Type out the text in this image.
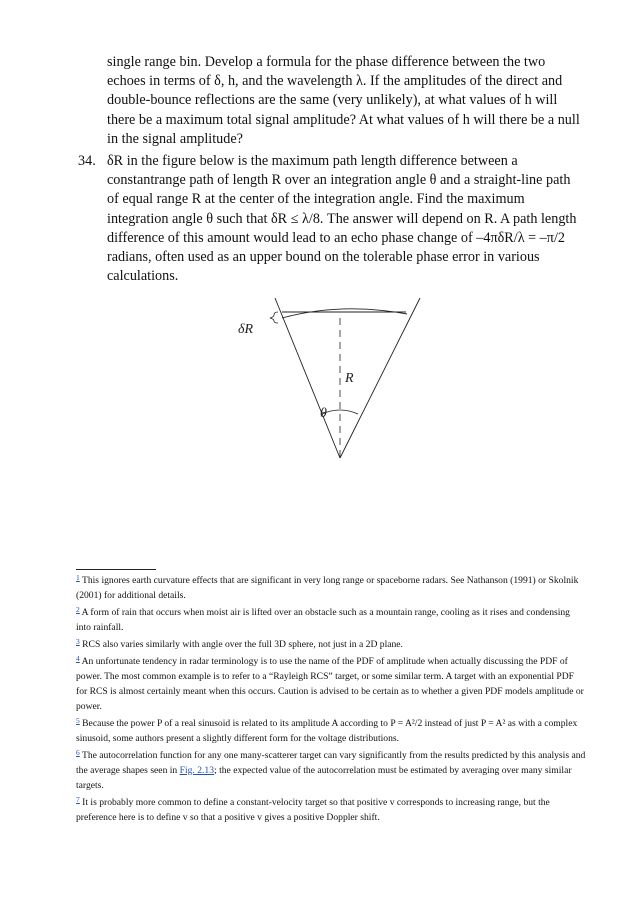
single range bin. Develop a formula for the phase difference between the two echoes in terms of δ, h, and the wavelength λ. If the amplitudes of the direct and double-bounce reflections are the same (very unlikely), at what values of h will there be a maximum total signal amplitude? At what values of h will there be a null in the signal amplitude?
34. δR in the figure below is the maximum path length difference between a constantrange path of length R over an integration angle θ and a straight-line path of equal range R at the center of the integration angle. Find the maximum integration angle θ such that δR ≤ λ/8. The answer will depend on R. A path length difference of this amount would lead to an echo phase change of –4πδR/λ = –π/2 radians, often used as an upper bound on the tolerable phase error in various calculations.
δR
R
θ
$^1$ This ignores earth curvature effects that are significant in very long range or spaceborne radars. See Nathanson (1991) or Skolnik (2001) for additional details.
$^2$ A form of rain that occurs when moist air is lifted over an obstacle such as a mountain range, cooling as it rises and condensing into rainfall.
$^3$ RCS also varies similarly with angle over the full 3D sphere, not just in a 2D plane.
$^4$ An unfortunate tendency in radar terminology is to use the name of the PDF of amplitude when actually discussing the PDF of power. The most common example is to refer to a “Rayleigh RCS” target, or some similar term. A target with an exponential PDF for RCS is almost certainly meant when this occurs. Caution is advised to be certain as to whether a given PDF models amplitude or power.
$^5$ Because the power P of a real sinusoid is related to its amplitude A according to P = A²/2 instead of just P = A² as with a complex sinusoid, some authors present a slightly different form for the voltage distributions.
$^6$ The autocorrelation function for any one many-scatterer target can vary significantly from the results predicted by this analysis and the average shapes seen in Fig. 2.13; the expected value of the autocorrelation must be estimated by averaging over many similar targets.
$^7$ It is probably more common to define a constant-velocity target so that positive v corresponds to increasing range, but the preference here is to define v so that a positive v gives a positive Doppler shift.
